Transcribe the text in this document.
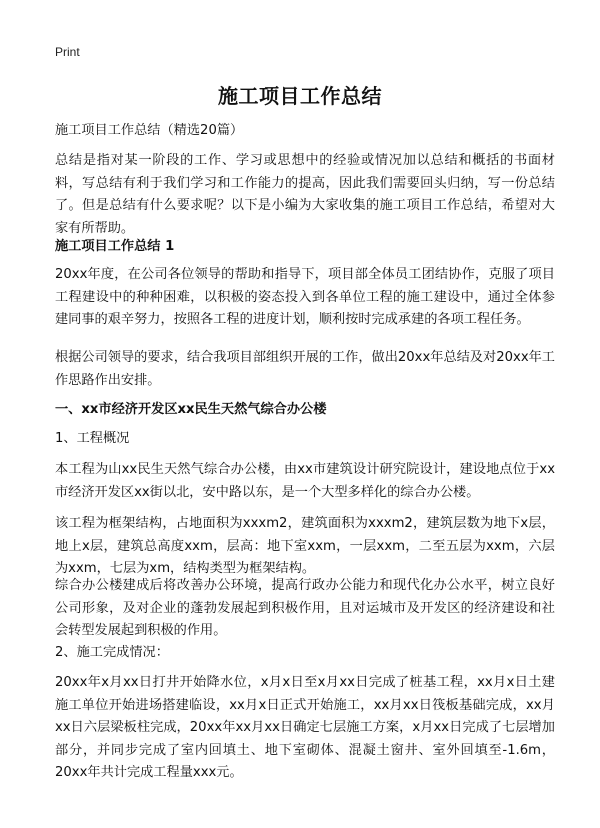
Print
施工项目工作总结

施工项目工作总结（精选20篇）

总结是指对某一阶段的工作、学习或思想中的经验或情况加以总结和概括的书面材料，写总结有利于我们学习和工作能力的提高，因此我们需要回头归纳，写一份总结了。但是总结有什么要求呢？以下是小编为大家收集的施工项目工作总结，希望对大家有所帮助。

施工项目工作总结 1

20xx年度，在公司各位领导的帮助和指导下，项目部全体员工团结协作，克服了项目工程建设中的种种困难，以积极的姿态投入到各单位工程的施工建设中，通过全体参建同事的艰辛努力，按照各工程的进度计划，顺利按时完成承建的各项工程任务。

根据公司领导的要求，结合我项目部组织开展的工作，做出20xx年总结及对20xx年工作思路作出安排。

一、xx市经济开发区xx民生天然气综合办公楼

1、工程概况

本工程为山xx民生天然气综合办公楼，由xx市建筑设计研究院设计，建设地点位于xx市经济开发区xx街以北，安中路以东，是一个大型多样化的综合办公楼。

该工程为框架结构，占地面积为xxxm2，建筑面积为xxxm2，建筑层数为地下x层，地上x层，建筑总高度xxm，层高：地下室xxm，一层xxm，二至五层为xxm，六层为xxm，七层为xm，结构类型为框架结构。

综合办公楼建成后将改善办公环境，提高行政办公能力和现代化办公水平，树立良好公司形象，及对企业的蓬勃发展起到积极作用，且对运城市及开发区的经济建设和社会转型发展起到积极的作用。

2、施工完成情况：

20xx年x月xx日打井开始降水位，x月x日至x月xx日完成了桩基工程，xx月x日土建施工单位开始进场搭建临设，xx月x日正式开始施工，xx月xx日筏板基础完成，xx月xx日六层梁板柱完成，20xx年xx月xx日确定七层施工方案，x月xx日完成了七层增加部分，并同步完成了室内回填土、地下室砌体、混凝土窗井、室外回填至-1.6m，20xx年共计完成工程量xxx元。
